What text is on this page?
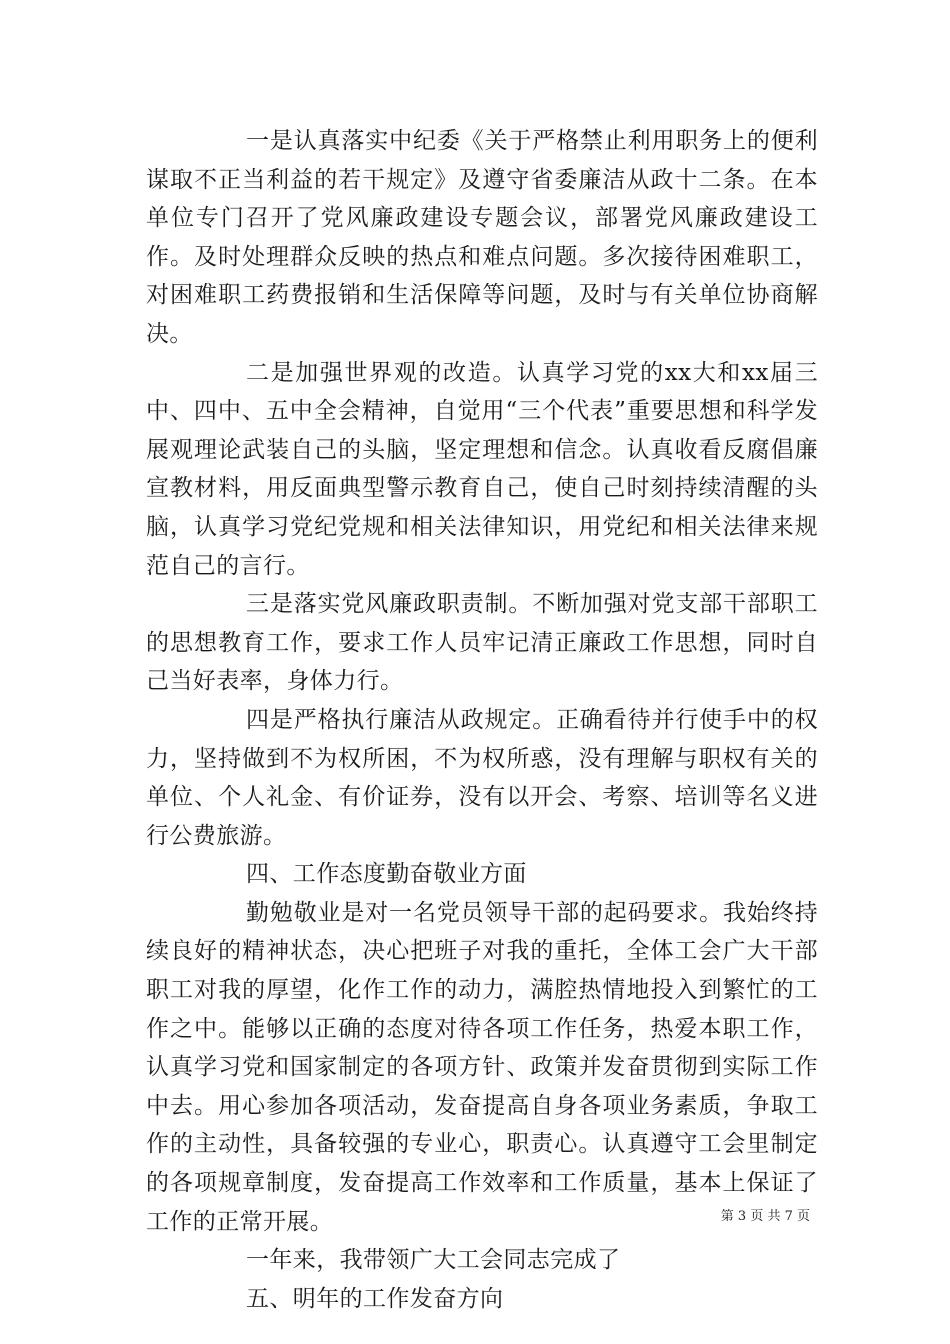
一是认真落实中纪委《关于严格禁止利用职务上的便利谋取不正当利益的若干规定》及遵守省委廉洁从政十二条。在本单位专门召开了党风廉政建设专题会议，部署党风廉政建设工作。及时处理群众反映的热点和难点问题。多次接待困难职工，对困难职工药费报销和生活保障等问题，及时与有关单位协商解决。

二是加强世界观的改造。认真学习党的xx大和xx届三中、四中、五中全会精神，自觉用“三个代表”重要思想和科学发展观理论武装自己的头脑，坚定理想和信念。认真收看反腐倡廉宣教材料，用反面典型警示教育自己，使自己时刻持续清醒的头脑，认真学习党纪党规和相关法律知识，用党纪和相关法律来规范自己的言行。

三是落实党风廉政职责制。不断加强对党支部干部职工的思想教育工作，要求工作人员牢记清正廉政工作思想，同时自己当好表率，身体力行。

四是严格执行廉洁从政规定。正确看待并行使手中的权力，坚持做到不为权所困，不为权所惑，没有理解与职权有关的单位、个人礼金、有价证券，没有以开会、考察、培训等名义进行公费旅游。

四、工作态度勤奋敬业方面

勤勉敬业是对一名党员领导干部的起码要求。我始终持续良好的精神状态，决心把班子对我的重托，全体工会广大干部职工对我的厚望，化作工作的动力，满腔热情地投入到繁忙的工作之中。能够以正确的态度对待各项工作任务，热爱本职工作，认真学习党和国家制定的各项方针、政策并发奋贯彻到实际工作中去。用心参加各项活动，发奋提高自身各项业务素质，争取工作的主动性，具备较强的专业心，职责心。认真遵守工会里制定的各项规章制度，发奋提高工作效率和工作质量，基本上保证了工作的正常开展。

一年来，我带领广大工会同志完成了

五、明年的工作发奋方向

第 3 页 共 7 页
